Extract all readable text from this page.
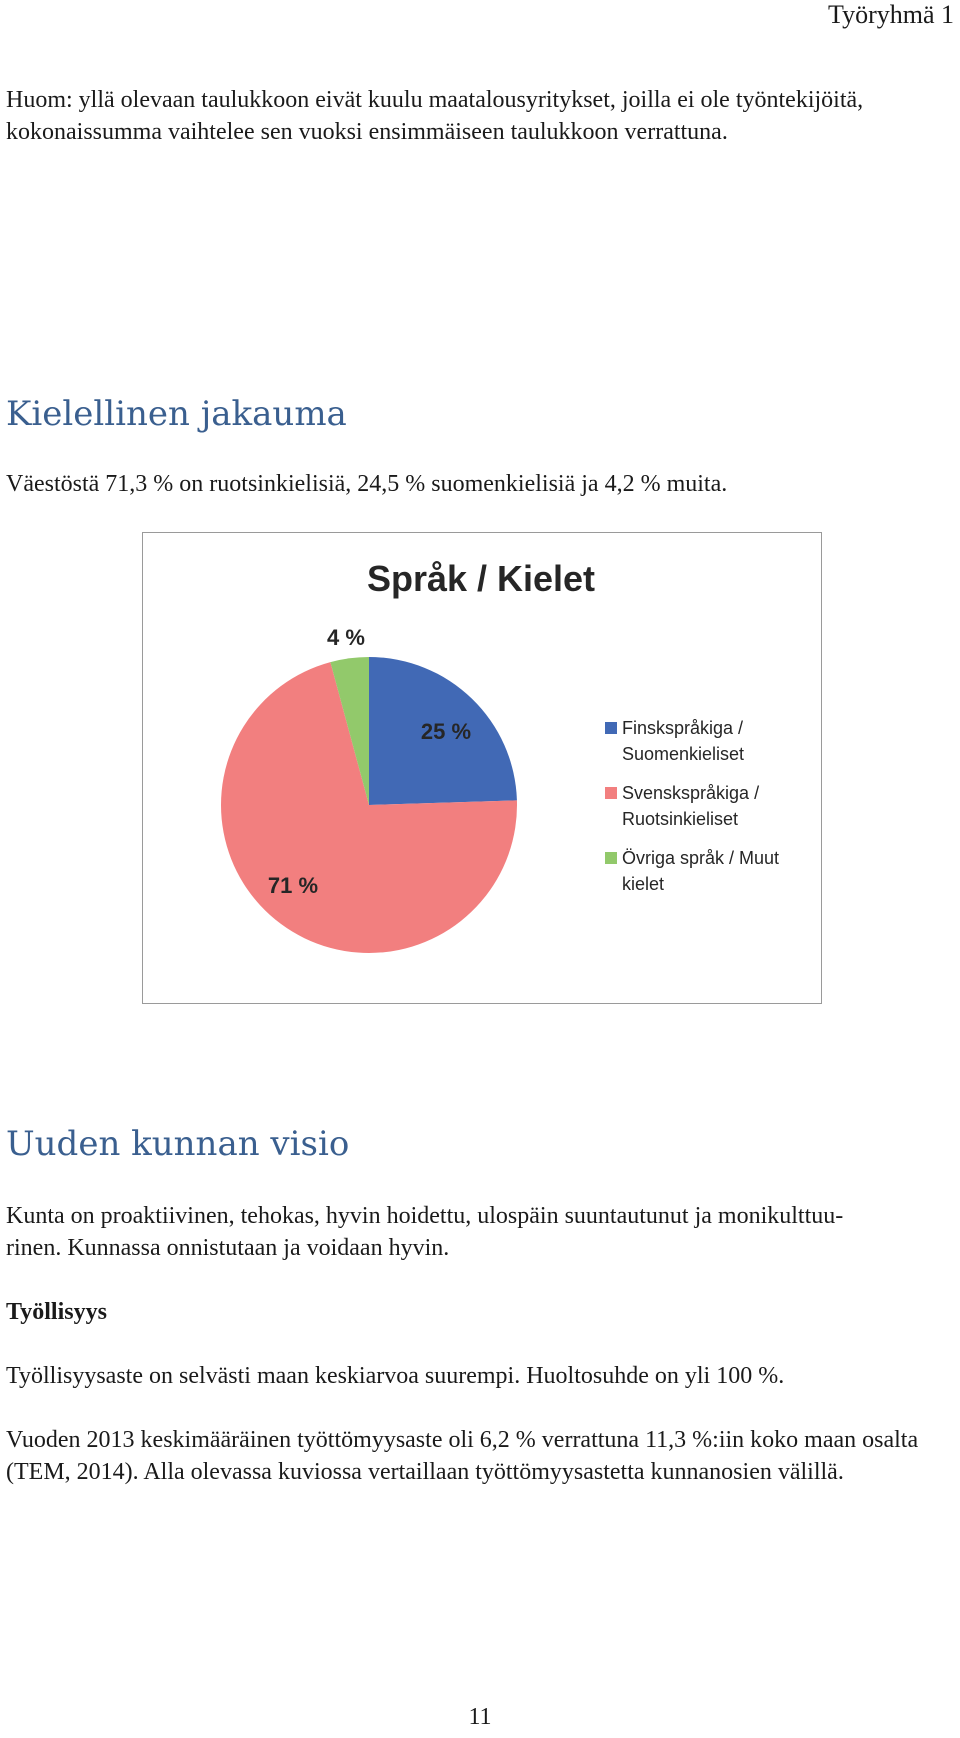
Työryhmä 1

Huom: yllä olevaan taulukkoon eivät kuulu maatalousyritykset, joilla ei ole työntekijöitä, kokonaissumma vaihtelee sen vuoksi ensimmäiseen taulukkoon verrattuna.

Kielellinen jakauma

Väestöstä 71,3 % on ruotsinkielisiä, 24,5 % suomenkielisiä ja 4,2 % muita.

Språk / Kielet
25 %
71 %
4 %
Finskspråkiga /
Suomenkieliset
Svenskspråkiga /
Ruotsinkieliset
Övriga språk / Muut
kielet
Uuden kunnan visio

Kunta on proaktiivinen, tehokas, hyvin hoidettu, ulospäin suuntautunut ja monikulttuu-

rinen. Kunnassa onnistutaan ja voidaan hyvin.

Työllisyys

Työllisyysaste on selvästi maan keskiarvoa suurempi. Huoltosuhde on yli 100 %.

Vuoden 2013 keskimääräinen työttömyysaste oli 6,2 % verrattuna 11,3 %:iin koko maan osalta (TEM, 2014). Alla olevassa kuviossa vertaillaan työttömyysastetta kunnanosien välillä.

11
